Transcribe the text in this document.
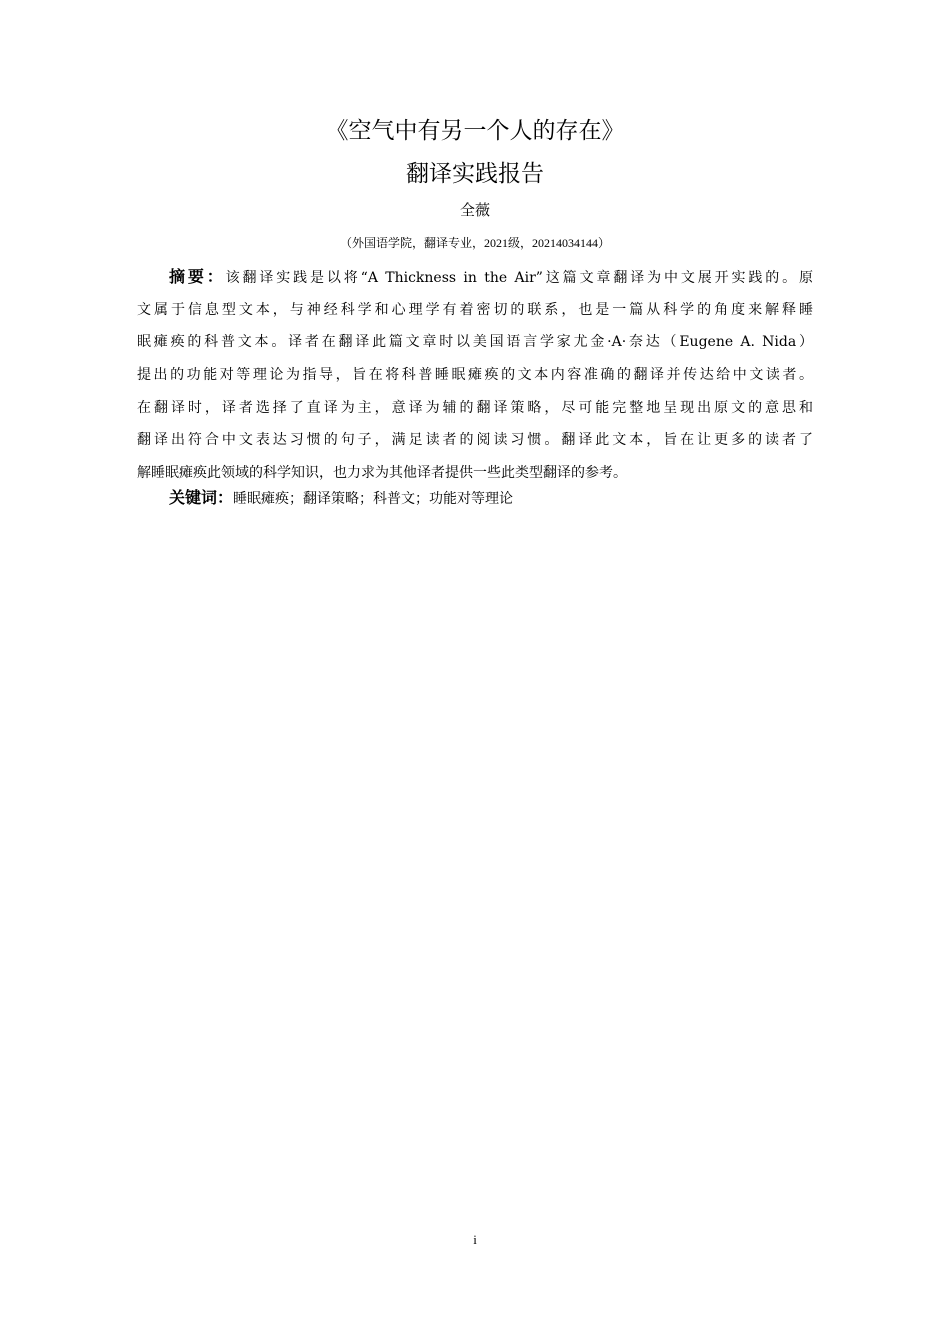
《空气中有另一个人的存在》
翻译实践报告
全薇
（外国语学院，翻译专业，2021级，20214034144）
摘要：该翻译实践是以将“A Thickness in the Air”这篇文章翻译为中文展开实践的。原
文属于信息型文本，与神经科学和心理学有着密切的联系，也是一篇从科学的角度来解释睡
眠瘫痪的科普文本。译者在翻译此篇文章时以美国语言学家尤金·A·奈达（Eugene A. Nida）
提出的功能对等理论为指导，旨在将科普睡眠瘫痪的文本内容准确的翻译并传达给中文读者。
在翻译时，译者选择了直译为主，意译为辅的翻译策略，尽可能完整地呈现出原文的意思和
翻译出符合中文表达习惯的句子，满足读者的阅读习惯。翻译此文本，旨在让更多的读者了
解睡眠瘫痪此领域的科学知识，也力求为其他译者提供一些此类型翻译的参考。
关键词：睡眠瘫痪；翻译策略；科普文；功能对等理论
i
